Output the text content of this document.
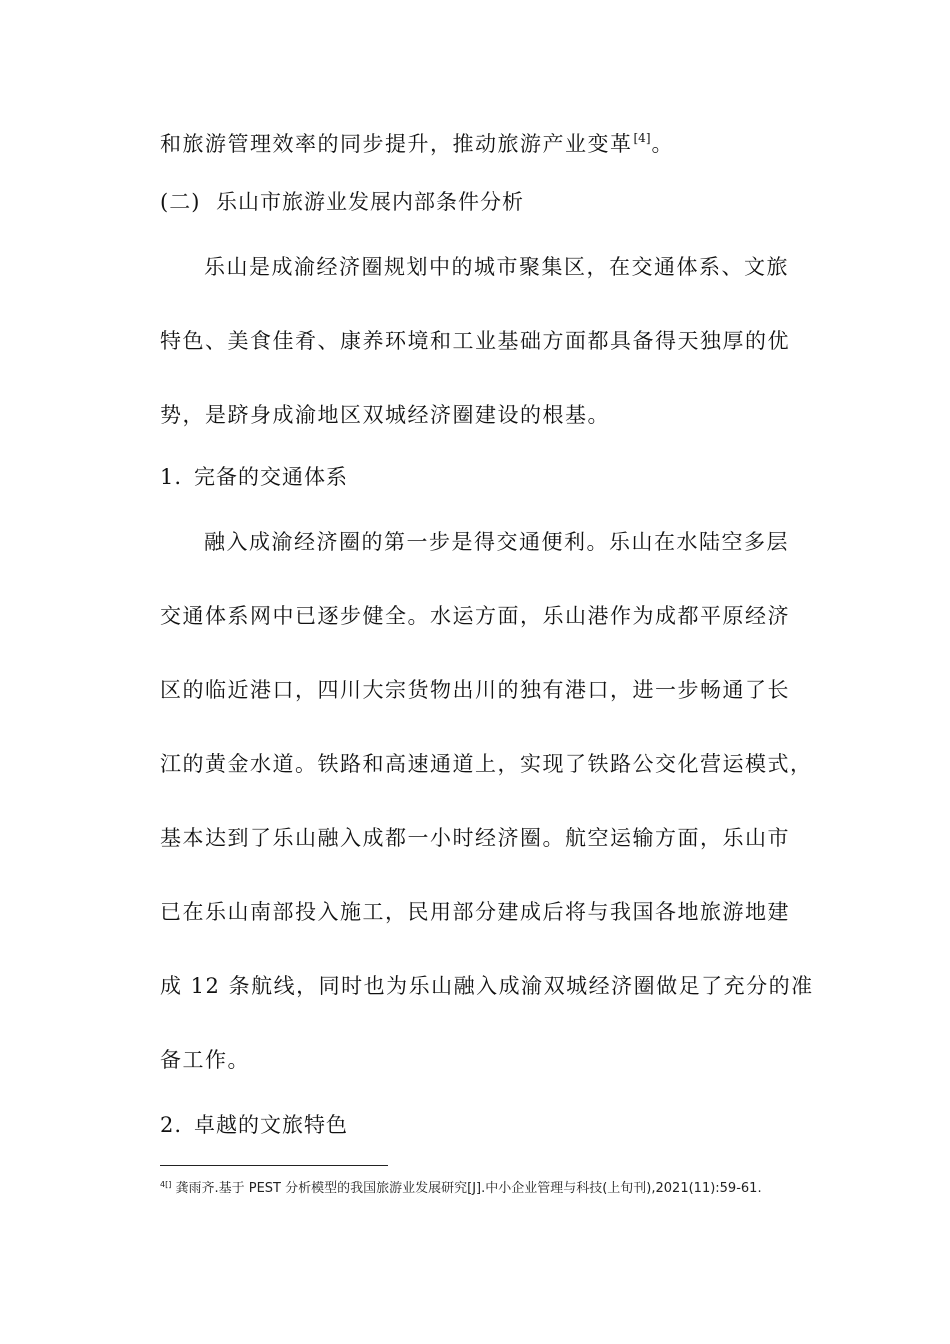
和旅游管理效率的同步提升，推动旅游产业变革[4]。
(二) 乐山市旅游业发展内部条件分析
乐山是成渝经济圈规划中的城市聚集区，在交通体系、文旅
特色、美食佳肴、康养环境和工业基础方面都具备得天独厚的优
势，是跻身成渝地区双城经济圈建设的根基。
1. 完备的交通体系
融入成渝经济圈的第一步是得交通便利。乐山在水陆空多层
交通体系网中已逐步健全。水运方面，乐山港作为成都平原经济
区的临近港口，四川大宗货物出川的独有港口，进一步畅通了长
江的黄金水道。铁路和高速通道上，实现了铁路公交化营运模式，
基本达到了乐山融入成都一小时经济圈。航空运输方面，乐山市
已在乐山南部投入施工，民用部分建成后将与我国各地旅游地建
成 12 条航线，同时也为乐山融入成渝双城经济圈做足了充分的准
备工作。
2. 卓越的文旅特色
$^{4[]}$ 龚雨齐.基于 PEST 分析模型的我国旅游业发展研究[J].中小企业管理与科技(上旬刊),2021(11):59-61.
